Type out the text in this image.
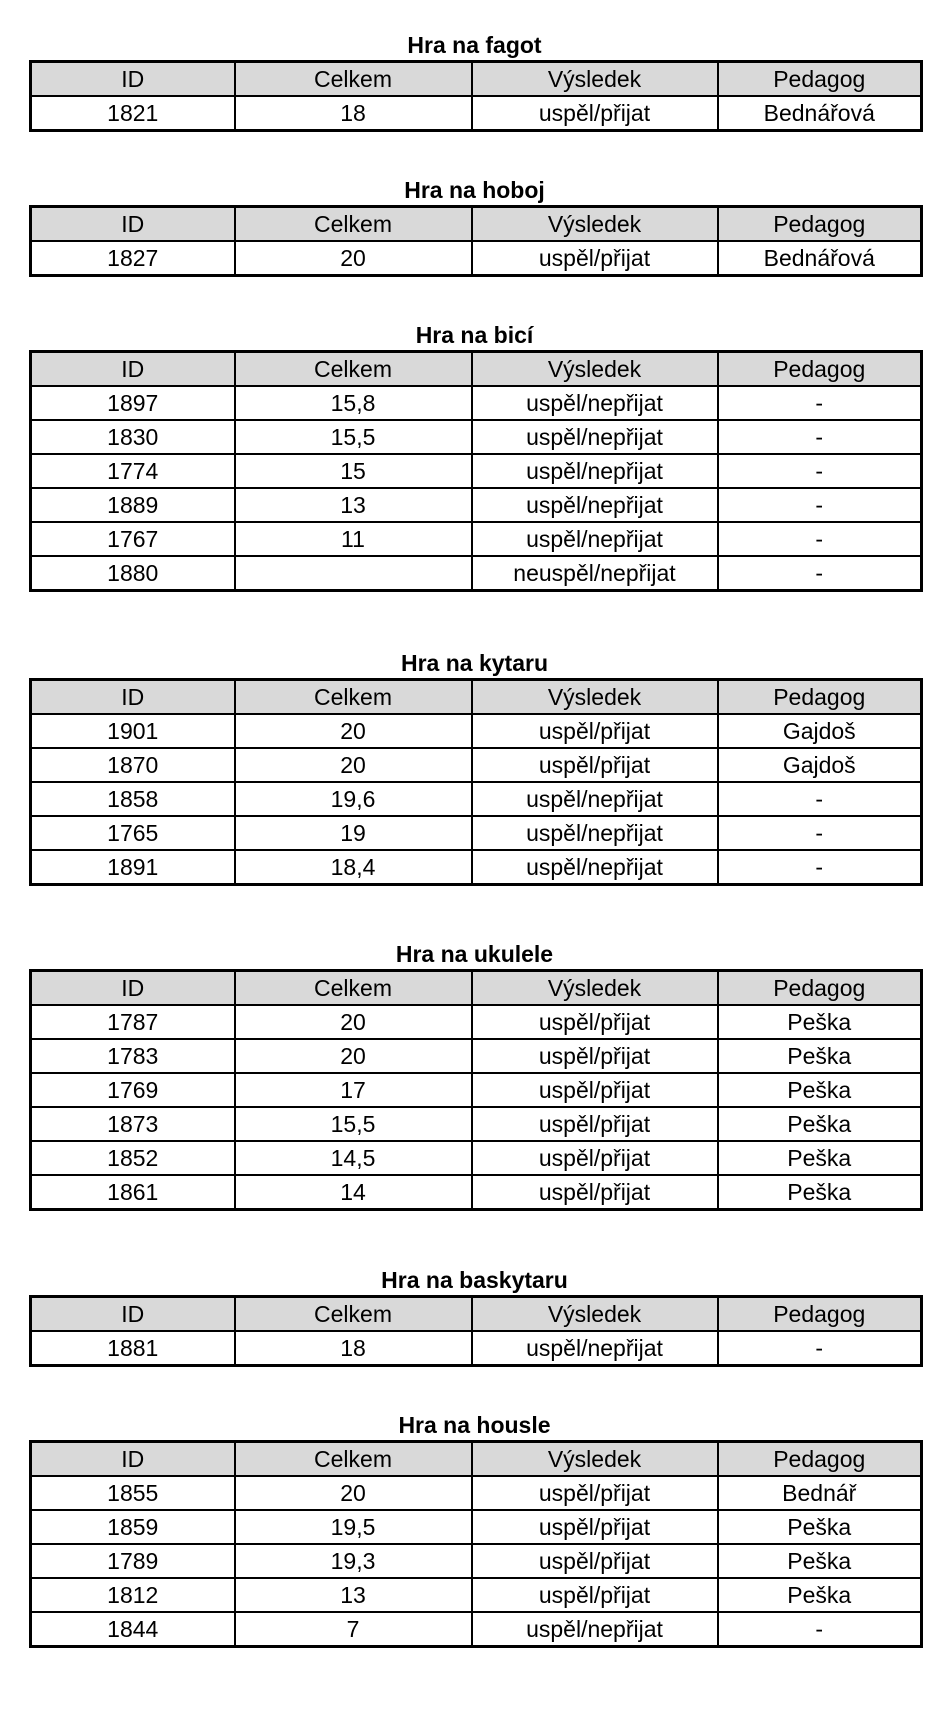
Hra na fagot
ID	Celkem	Výsledek	Pedagog
1821	18	uspěl/přijat	Bednářová
Hra na hoboj
ID	Celkem	Výsledek	Pedagog
1827	20	uspěl/přijat	Bednářová
Hra na bicí
ID	Celkem	Výsledek	Pedagog
1897	15,8	uspěl/nepřijat	-
1830	15,5	uspěl/nepřijat	-
1774	15	uspěl/nepřijat	-
1889	13	uspěl/nepřijat	-
1767	11	uspěl/nepřijat	-
1880		neuspěl/nepřijat	-
Hra na kytaru
ID	Celkem	Výsledek	Pedagog
1901	20	uspěl/přijat	Gajdoš
1870	20	uspěl/přijat	Gajdoš
1858	19,6	uspěl/nepřijat	-
1765	19	uspěl/nepřijat	-
1891	18,4	uspěl/nepřijat	-
Hra na ukulele
ID	Celkem	Výsledek	Pedagog
1787	20	uspěl/přijat	Peška
1783	20	uspěl/přijat	Peška
1769	17	uspěl/přijat	Peška
1873	15,5	uspěl/přijat	Peška
1852	14,5	uspěl/přijat	Peška
1861	14	uspěl/přijat	Peška
Hra na baskytaru
ID	Celkem	Výsledek	Pedagog
1881	18	uspěl/nepřijat	-
Hra na housle
ID	Celkem	Výsledek	Pedagog
1855	20	uspěl/přijat	Bednář
1859	19,5	uspěl/přijat	Peška
1789	19,3	uspěl/přijat	Peška
1812	13	uspěl/přijat	Peška
1844	7	uspěl/nepřijat	-
